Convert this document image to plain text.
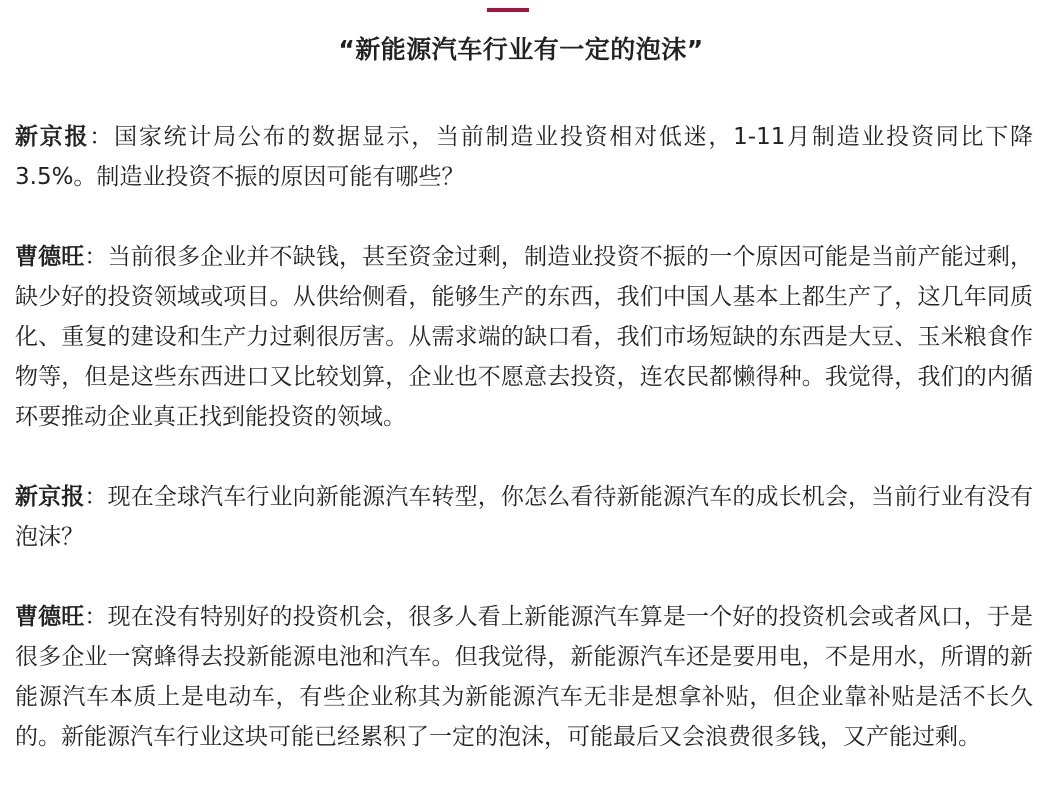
“新能源汽车行业有一定的泡沫”

新京报：国家统计局公布的数据显示，当前制造业投资相对低迷，1-11月制造业投资同比下降3.5%。制造业投资不振的原因可能有哪些？

曹德旺：当前很多企业并不缺钱，甚至资金过剩，制造业投资不振的一个原因可能是当前产能过剩，缺少好的投资领域或项目。从供给侧看，能够生产的东西，我们中国人基本上都生产了，这几年同质化、重复的建设和生产力过剩很厉害。从需求端的缺口看，我们市场短缺的东西是大豆、玉米粮食作物等，但是这些东西进口又比较划算，企业也不愿意去投资，连农民都懒得种。我觉得，我们的内循环要推动企业真正找到能投资的领域。

新京报：现在全球汽车行业向新能源汽车转型，你怎么看待新能源汽车的成长机会，当前行业有没有泡沫？

曹德旺：现在没有特别好的投资机会，很多人看上新能源汽车算是一个好的投资机会或者风口，于是很多企业一窝蜂得去投新能源电池和汽车。但我觉得，新能源汽车还是要用电，不是用水，所谓的新能源汽车本质上是电动车，有些企业称其为新能源汽车无非是想拿补贴，但企业靠补贴是活不长久的。新能源汽车行业这块可能已经累积了一定的泡沫，可能最后又会浪费很多钱，又产能过剩。
